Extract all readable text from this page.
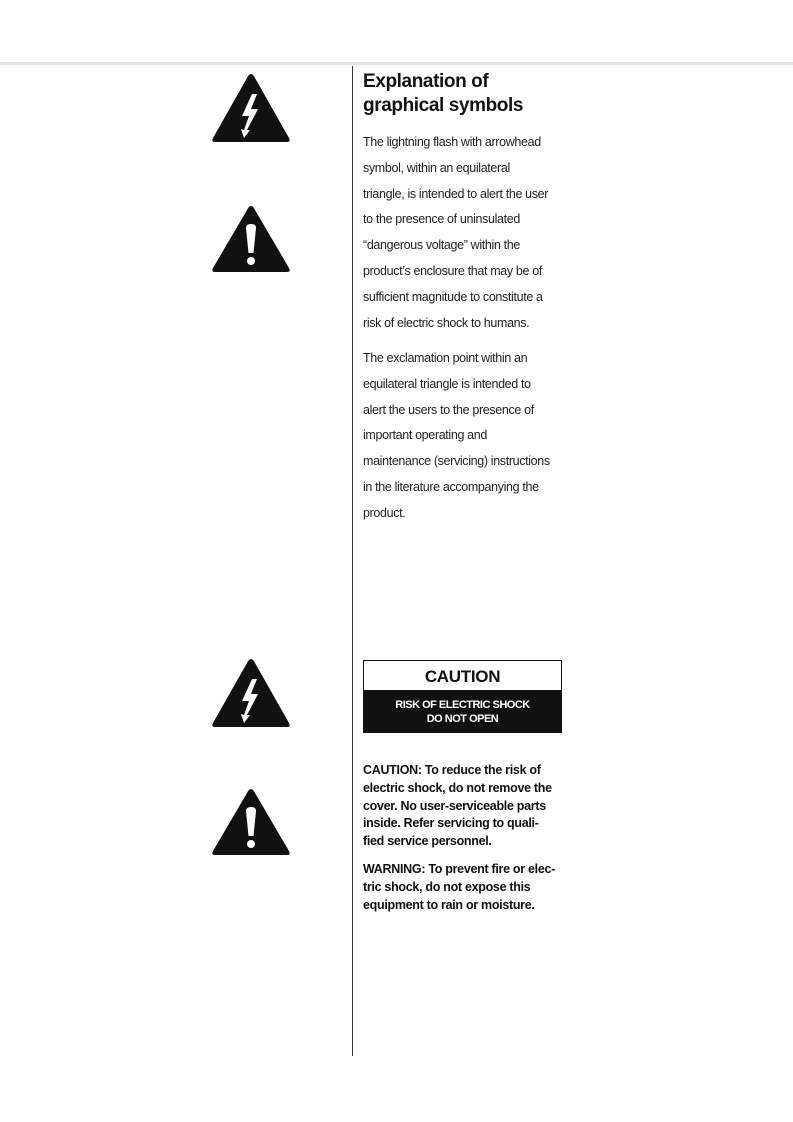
Explanation of
graphical symbols

The lightning flash with arrowhead
symbol, within an equilateral
triangle, is intended to alert the user
to the presence of uninsulated
“dangerous voltage” within the
product’s enclosure that may be of
sufficient magnitude to constitute a
risk of electric shock to humans.

The exclamation point within an
equilateral triangle is intended to
alert the users to the presence of
important operating and
maintenance (servicing) instructions
in the literature accompanying the
product.

CAUTION
RISK OF ELECTRIC SHOCK
DO NOT OPEN

CAUTION: To reduce the risk of
electric shock, do not remove the
cover. No user-serviceable parts
inside. Refer servicing to quali-
fied service personnel.

WARNING: To prevent fire or elec-
tric shock, do not expose this
equipment to rain or moisture.
